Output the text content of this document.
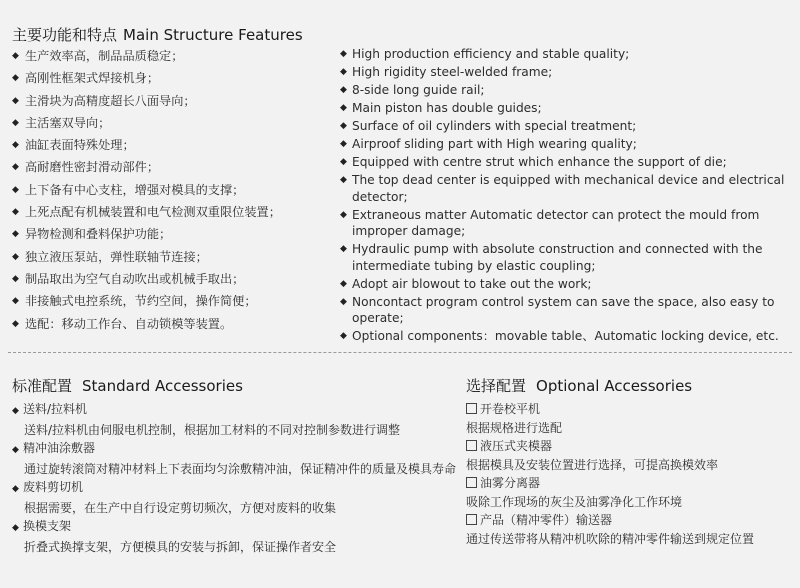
主要功能和特点 Main Structure Features
◆ 生产效率高，制品品质稳定；
◆ 高刚性框架式焊接机身；
◆ 主滑块为高精度超长八面导向；
◆ 主活塞双导向；
◆ 油缸表面特殊处理；
◆ 高耐磨性密封滑动部件；
◆ 上下备有中心支柱，增强对模具的支撑；
◆ 上死点配有机械装置和电气检测双重限位装置；
◆ 异物检测和叠料保护功能；
◆ 独立液压泵站，弹性联轴节连接；
◆ 制品取出为空气自动吹出或机械手取出；
◆ 非接触式电控系统，节约空间，操作简便；
◆ 选配：移动工作台、自动锁模等装置。
◆ High production efficiency and stable quality;
◆ High rigidity steel-welded frame;
◆ 8-side long guide rail;
◆ Main piston has double guides;
◆ Surface of oil cylinders with special treatment;
◆ Airproof sliding part with High wearing quality;
◆ Equipped with centre strut which enhance the support of die;
◆ The top dead center is equipped with mechanical device and electrical detector;
◆ Extraneous matter Automatic detector can protect the mould from improper damage;
◆ Hydraulic pump with absolute construction and connected with the intermediate tubing by elastic coupling;
◆ Adopt air blowout to take out the work;
◆ Noncontact program control system can save the space, also easy to operate;
◆ Optional components：movable table、Automatic locking device, etc.
标准配置 Standard Accessories
◆ 送料/拉料机
送料/拉料机由伺服电机控制，根据加工材料的不同对控制参数进行调整
◆ 精冲油涂敷器
通过旋转滚筒对精冲材料上下表面均匀涂敷精冲油，保证精冲件的质量及模具寿命
◆ 废料剪切机
根据需要，在生产中自行设定剪切频次，方便对废料的收集
◆ 换模支架
折叠式换撑支架，方便模具的安装与拆卸，保证操作者安全
选择配置 Optional Accessories
开卷校平机
根据规格进行选配
液压式夹模器
根据模具及安装位置进行选择，可提高换模效率
油雾分离器
吸除工作现场的灰尘及油雾净化工作环境
产品（精冲零件）输送器
通过传送带将从精冲机吹除的精冲零件输送到规定位置
